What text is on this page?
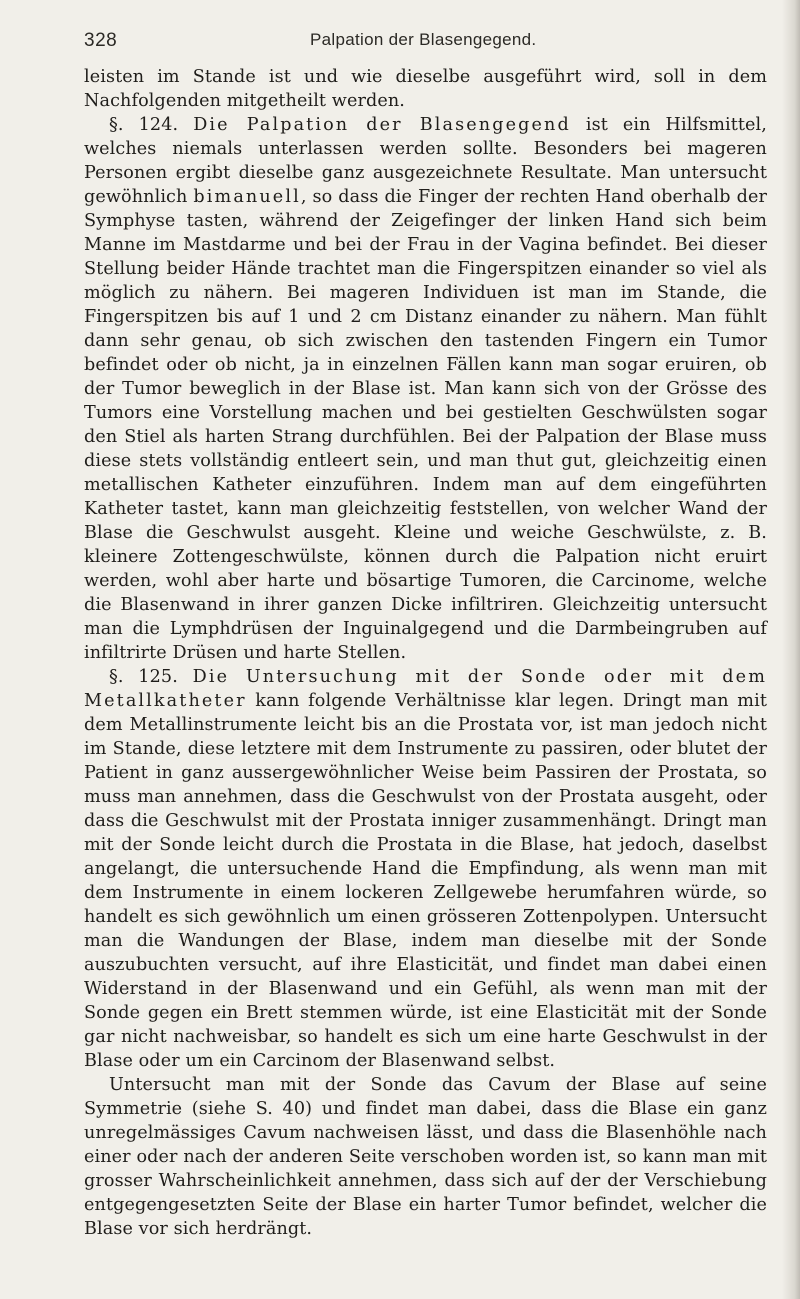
328	Palpation der Blasengegend.

leisten im Stande ist und wie dieselbe ausgeführt wird, soll in dem Nachfolgenden mitgetheilt werden.

§. 124. Die Palpation der Blasengegend ist ein Hilfsmittel, welches niemals unterlassen werden sollte. Besonders bei mageren Personen ergibt dieselbe ganz ausgezeichnete Resultate. Man untersucht gewöhnlich bimanuell, so dass die Finger der rechten Hand oberhalb der Symphyse tasten, während der Zeigefinger der linken Hand sich beim Manne im Mastdarme und bei der Frau in der Vagina befindet. Bei dieser Stellung beider Hände trachtet man die Fingerspitzen einander so viel als möglich zu nähern. Bei mageren Individuen ist man im Stande, die Fingerspitzen bis auf 1 und 2 cm Distanz einander zu nähern. Man fühlt dann sehr genau, ob sich zwischen den tastenden Fingern ein Tumor befindet oder ob nicht, ja in einzelnen Fällen kann man sogar eruiren, ob der Tumor beweglich in der Blase ist. Man kann sich von der Grösse des Tumors eine Vorstellung machen und bei gestielten Geschwülsten sogar den Stiel als harten Strang durchfühlen. Bei der Palpation der Blase muss diese stets vollständig entleert sein, und man thut gut, gleichzeitig einen metallischen Katheter einzuführen. Indem man auf dem eingeführten Katheter tastet, kann man gleichzeitig feststellen, von welcher Wand der Blase die Geschwulst ausgeht. Kleine und weiche Geschwülste, z. B. kleinere Zottengeschwülste, können durch die Palpation nicht eruirt werden, wohl aber harte und bösartige Tumoren, die Carcinome, welche die Blasenwand in ihrer ganzen Dicke infiltriren. Gleichzeitig untersucht man die Lymphdrüsen der Inguinalgegend und die Darmbeingruben auf infiltrirte Drüsen und harte Stellen.

§. 125. Die Untersuchung mit der Sonde oder mit dem Metallkatheter kann folgende Verhältnisse klar legen. Dringt man mit dem Metallinstrumente leicht bis an die Prostata vor, ist man jedoch nicht im Stande, diese letztere mit dem Instrumente zu passiren, oder blutet der Patient in ganz aussergewöhnlicher Weise beim Passiren der Prostata, so muss man annehmen, dass die Geschwulst von der Prostata ausgeht, oder dass die Geschwulst mit der Prostata inniger zusammenhängt. Dringt man mit der Sonde leicht durch die Prostata in die Blase, hat jedoch, daselbst angelangt, die untersuchende Hand die Empfindung, als wenn man mit dem Instrumente in einem lockeren Zellgewebe herumfahren würde, so handelt es sich gewöhnlich um einen grösseren Zottenpolypen. Untersucht man die Wandungen der Blase, indem man dieselbe mit der Sonde auszubuchten versucht, auf ihre Elasticität, und findet man dabei einen Widerstand in der Blasenwand und ein Gefühl, als wenn man mit der Sonde gegen ein Brett stemmen würde, ist eine Elasticität mit der Sonde gar nicht nachweisbar, so handelt es sich um eine harte Geschwulst in der Blase oder um ein Carcinom der Blasenwand selbst.

Untersucht man mit der Sonde das Cavum der Blase auf seine Symmetrie (siehe S. 40) und findet man dabei, dass die Blase ein ganz unregelmässiges Cavum nachweisen lässt, und dass die Blasenhöhle nach einer oder nach der anderen Seite verschoben worden ist, so kann man mit grosser Wahrscheinlichkeit annehmen, dass sich auf der der Verschiebung entgegengesetzten Seite der Blase ein harter Tumor befindet, welcher die Blase vor sich herdrängt.
